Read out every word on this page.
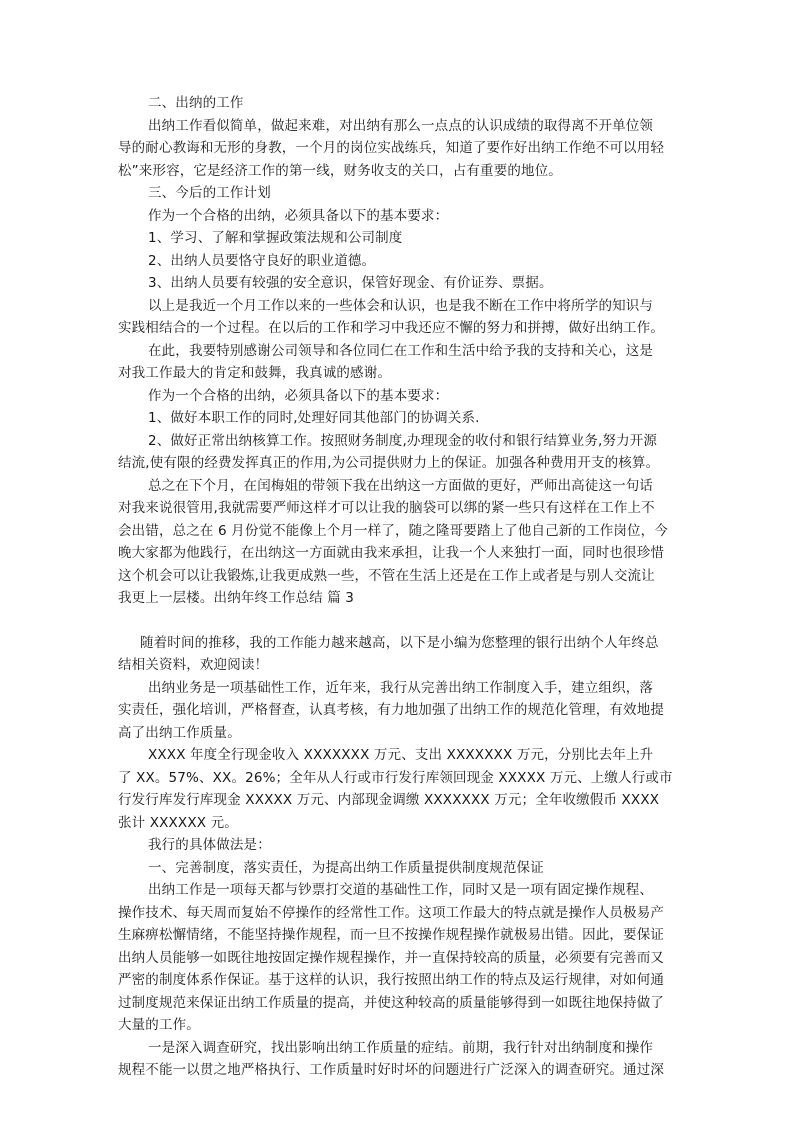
二、出纳的工作
出纳工作看似简单，做起来难，对出纳有那么一点点的认识成绩的取得离不开单位领
导的耐心教诲和无形的身教，一个月的岗位实战练兵，知道了要作好出纳工作绝不可以用轻
松”来形容，它是经济工作的第一线，财务收支的关口，占有重要的地位。
三、今后的工作计划
作为一个合格的出纳，必须具备以下的基本要求：
1、学习、了解和掌握政策法规和公司制度
2、出纳人员要恪守良好的职业道德。
3、出纳人员要有较强的安全意识，保管好现金、有价证券、票据。
以上是我近一个月工作以来的一些体会和认识，也是我不断在工作中将所学的知识与
实践相结合的一个过程。在以后的工作和学习中我还应不懈的努力和拼搏，做好出纳工作。
在此，我要特别感谢公司领导和各位同仁在工作和生活中给予我的支持和关心，这是
对我工作最大的肯定和鼓舞，我真诚的感谢。
作为一个合格的出纳，必须具备以下的基本要求：
1、做好本职工作的同时,处理好同其他部门的协调关系.
2、做好正常出纳核算工作。按照财务制度,办理现金的收付和银行结算业务,努力开源
结流,使有限的经费发挥真正的作用,为公司提供财力上的保证。加强各种费用开支的核算。
总之在下个月，在闰梅姐的带领下我在出纳这一方面做的更好，严师出高徒这一句话
对我来说很管用,我就需要严师这样才可以让我的脑袋可以绑的紧一些只有这样在工作上不
会出错，总之在 6 月份觉不能像上个月一样了，随之隆哥要踏上了他自己新的工作岗位，今
晚大家都为他践行，在出纳这一方面就由我来承担，让我一个人来独打一面，同时也很珍惜
这个机会可以让我锻炼,让我更成熟一些，不管在生活上还是在工作上或者是与别人交流让
我更上一层楼。出纳年终工作总结 篇 3
随着时间的推移，我的工作能力越来越高，以下是小编为您整理的银行出纳个人年终总
结相关资料，欢迎阅读！
出纳业务是一项基础性工作，近年来，我行从完善出纳工作制度入手，建立组织，落
实责任，强化培训，严格督查，认真考核，有力地加强了出纳工作的规范化管理，有效地提
高了出纳工作质量。
XXXX 年度全行现金收入 XXXXXXX 万元、支出 XXXXXXX 万元，分别比去年上升
了 XX。57%、XX。26%；全年从人行或市行发行库领回现金 XXXXX 万元、上缴人行或市
行发行库发行库现金 XXXXX 万元、内部现金调缴 XXXXXXX 万元；全年收缴假币 XXXX
张计 XXXXXX 元。
我行的具体做法是：
一、完善制度，落实责任，为提高出纳工作质量提供制度规范保证
出纳工作是一项每天都与钞票打交道的基础性工作，同时又是一项有固定操作规程、
操作技术、每天周而复始不停操作的经常性工作。这项工作最大的特点就是操作人员极易产
生麻痹松懈情绪，不能坚持操作规程，而一旦不按操作规程操作就极易出错。因此，要保证
出纳人员能够一如既往地按固定操作规程操作，并一直保持较高的质量，必须要有完善而又
严密的制度体系作保证。基于这样的认识，我行按照出纳工作的特点及运行规律，对如何通
过制度规范来保证出纳工作质量的提高，并使这种较高的质量能够得到一如既往地保持做了
大量的工作。
一是深入调查研究，找出影响出纳工作质量的症结。前期，我行针对出纳制度和操作
规程不能一以贯之地严格执行、工作质量时好时坏的问题进行广泛深入的调查研究。通过深
